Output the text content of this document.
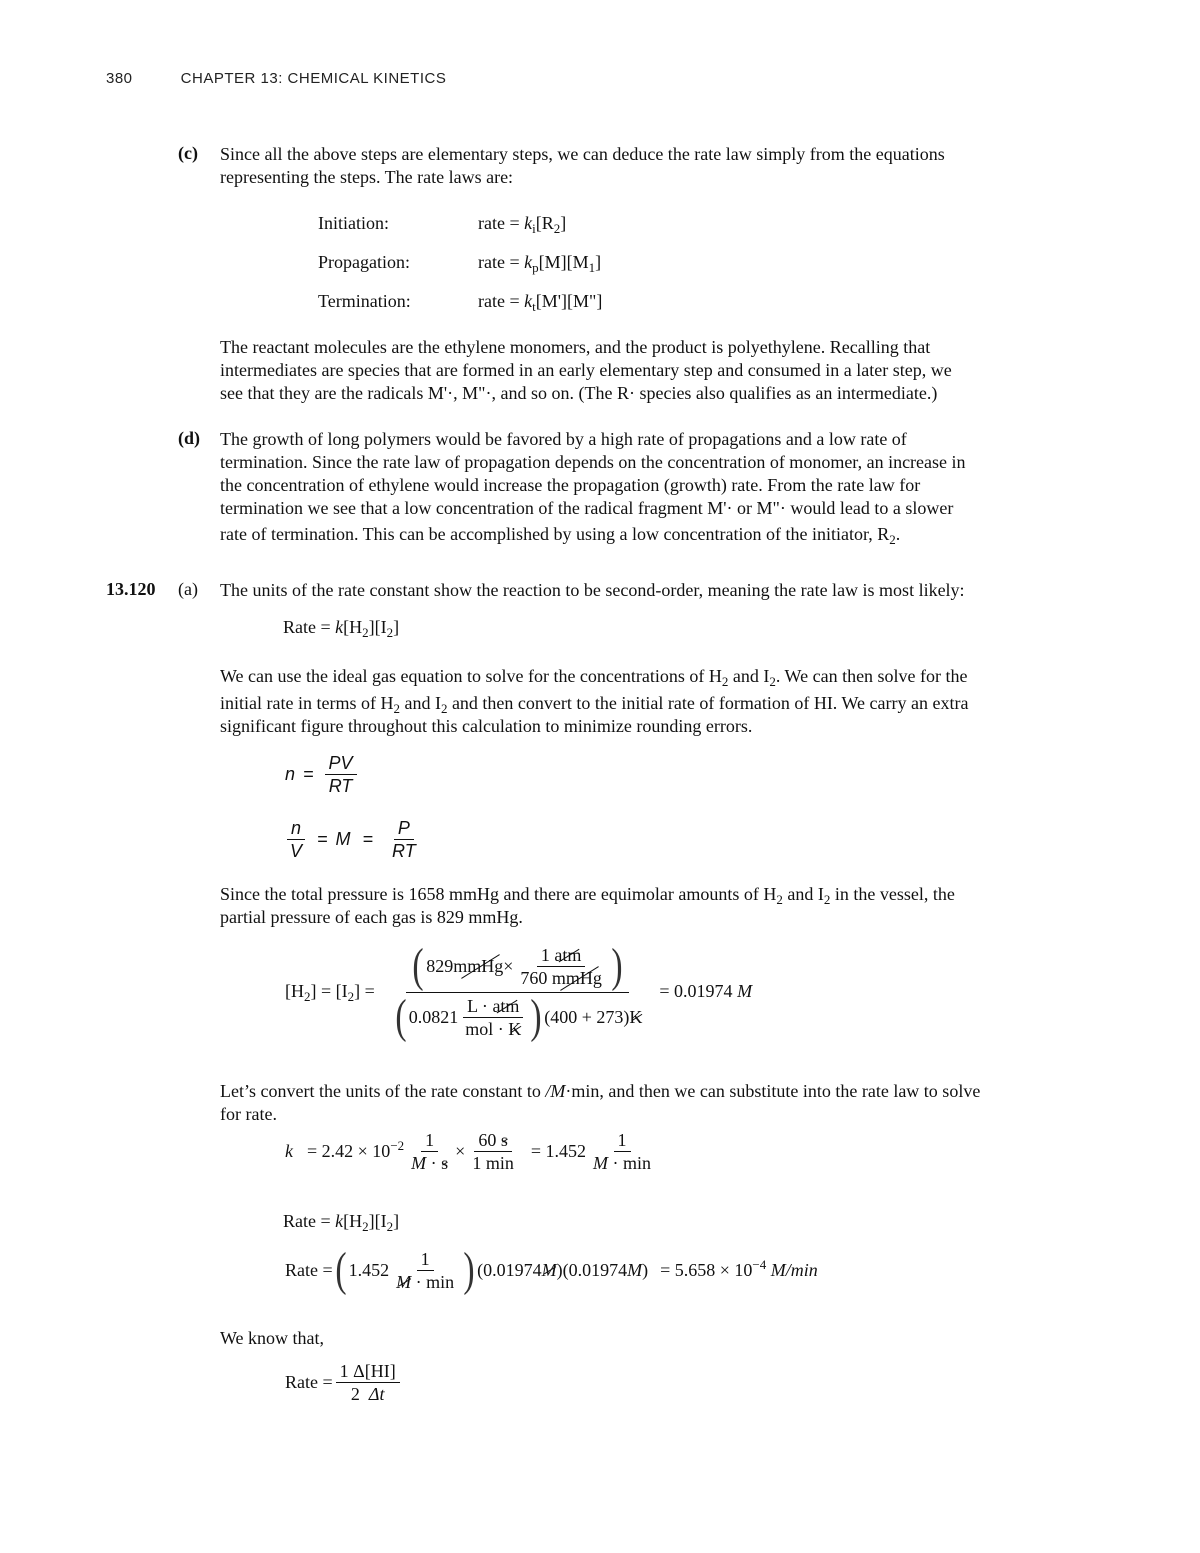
380	CHAPTER 13: CHEMICAL KINETICS
(c) Since all the above steps are elementary steps, we can deduce the rate law simply from the equations
representing the steps. The rate laws are:
Initiation:	rate = $k_i[R_2]$
Propagation:	rate = $k_p[M][M_1]$
Termination:	rate = $k_t[M'][M"]$
The reactant molecules are the ethylene monomers, and the product is polyethylene. Recalling that
intermediates are species that are formed in an early elementary step and consumed in a later step, we
see that they are the radicals M'·, M"·, and so on. (The R· species also qualifies as an intermediate.)
(d) The growth of long polymers would be favored by a high rate of propagations and a low rate of
termination. Since the rate law of propagation depends on the concentration of monomer, an increase in
the concentration of ethylene would increase the propagation (growth) rate. From the rate law for
termination we see that a low concentration of the radical fragment M'· or M"· would lead to a slower
rate of termination. This can be accomplished by using a low concentration of the initiator, $R_2$.
13.120 (a) The units of the rate constant show the reaction to be second-order, meaning the rate law is most likely:
Rate = $k[H_2][I_2]$
We can use the ideal gas equation to solve for the concentrations of $H_2$ and $I_2$. We can then solve for the
initial rate in terms of $H_2$ and $I_2$ and then convert to the initial rate of formation of HI. We carry an extra
significant figure throughout this calculation to minimize rounding errors.
$n = \frac{PV}{RT}$
$\frac{n}{V} = M = \frac{P}{RT}$
Since the total pressure is 1658 mmHg and there are equimolar amounts of $H_2$ and $I_2$ in the vessel, the
partial pressure of each gas is 829 mmHg.
$[H_2] = [I_2]$ = ( 829 mmHg × $\frac{\text{1 atm}}{\text{760 mmHg}}$ )
( $0.0821 \frac{\text{L · atm}}{\text{mol · K}}$ ) (400 + 273) K
= 0.01974 M
Let’s convert the units of the rate constant to /M·min, and then we can substitute into the rate law to solve
for rate.
$k = 2.42 \times 10^{-2} \frac{1}{M \cdot s} \times \frac{60 s}{1 \min} = 1.452 \frac{1}{M \cdot \min}$
Rate = $k[H_2][I_2]$
Rate = ( $1.452 \frac{1}{M \cdot \min}$ ) (0.01974 M )(0.01974 M ) = $5.658 \times 10^{-4}$ M/min
We know that,
Rate = $\frac{1 \Delta[HI]}{2 \Delta t}$
